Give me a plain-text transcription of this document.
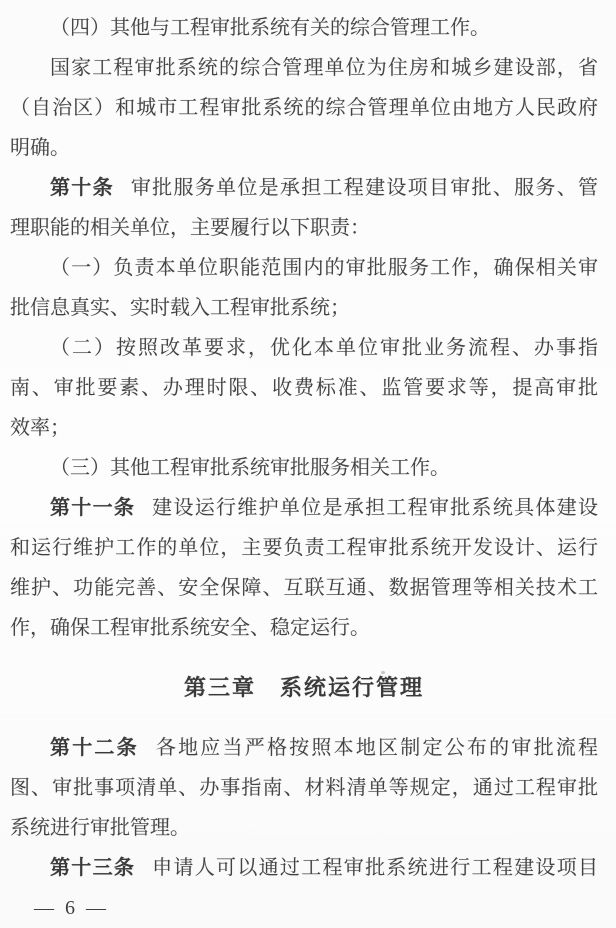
（四）其他与工程审批系统有关的综合管理工作。
国家工程审批系统的综合管理单位为住房和城乡建设部，省
（自治区）和城市工程审批系统的综合管理单位由地方人民政府
明确。
第十条 审批服务单位是承担工程建设项目审批、服务、管
理职能的相关单位，主要履行以下职责：
（一）负责本单位职能范围内的审批服务工作，确保相关审
批信息真实、实时载入工程审批系统；
（二）按照改革要求，优化本单位审批业务流程、办事指
南、审批要素、办理时限、收费标准、监管要求等，提高审批
效率；
（三）其他工程审批系统审批服务相关工作。
第十一条 建设运行维护单位是承担工程审批系统具体建设
和运行维护工作的单位，主要负责工程审批系统开发设计、运行
维护、功能完善、安全保障、互联互通、数据管理等相关技术工
作，确保工程审批系统安全、稳定运行。
第三章　系统运行管理
第十二条 各地应当严格按照本地区制定公布的审批流程
图、审批事项清单、办事指南、材料清单等规定，通过工程审批
系统进行审批管理。
第十三条 申请人可以通过工程审批系统进行工程建设项目
— 6 —
